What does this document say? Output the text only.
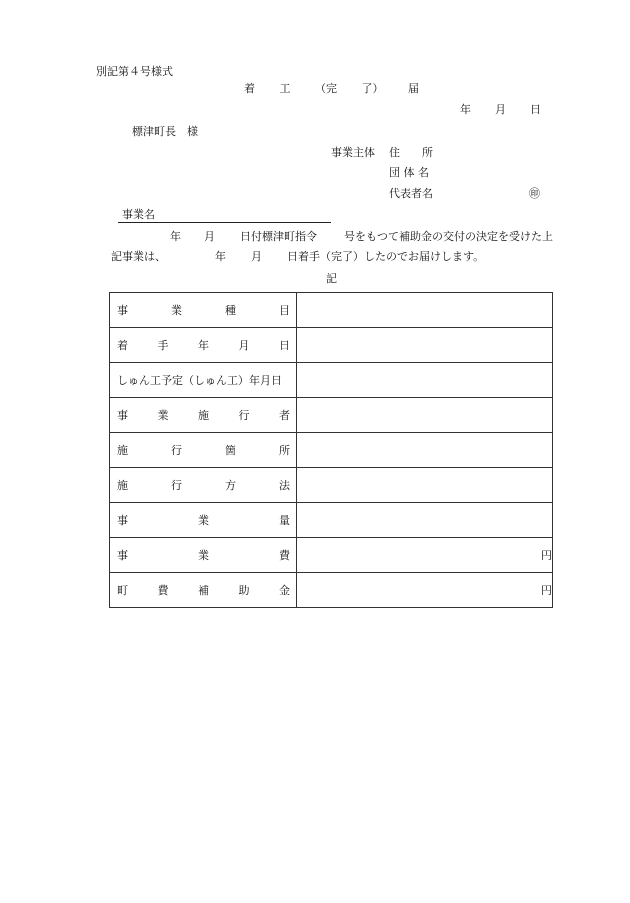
別記第４号様式
着 工 （完 了） 届
年 月 日
標津町長　様
事業主体 住　　所
団 体 名
代表者名	㊞
事業名
年 月 日付標津町指令 号をもつて補助金の交付の決定を受けた上
記事業は、	年 月 日着手（完了）したのでお届けします。
記
事 業 種 目	

着 手 年 月 日	

しゅん工予定（しゅん工）年月日	

事 業 施 行 者	

施 行 箇 所	

施 行 方 法	

事 業 量	

事 業 費	円

町 費 補 助 金	円
